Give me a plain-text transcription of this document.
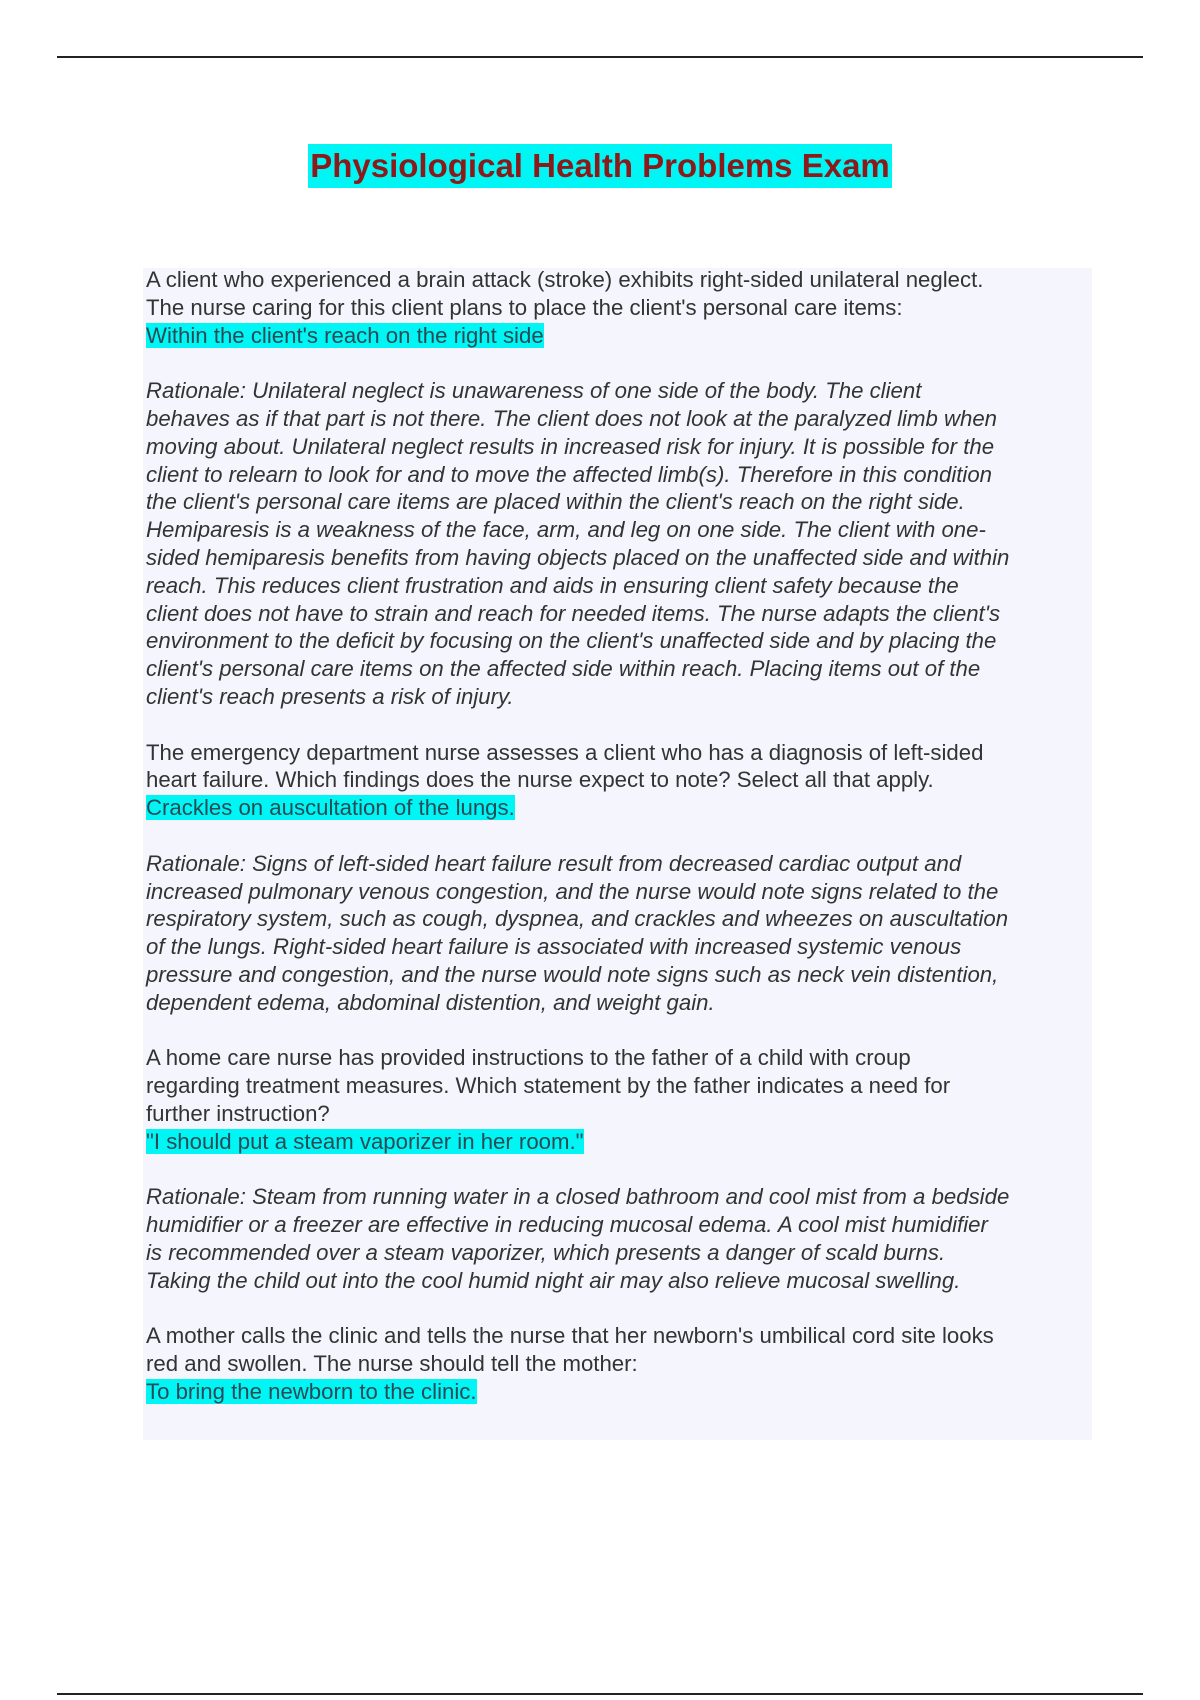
Physiological Health Problems Exam
A client who experienced a brain attack (stroke) exhibits right-sided unilateral neglect.
The nurse caring for this client plans to place the client's personal care items:

Within the client's reach on the right side

Rationale: Unilateral neglect is unawareness of one side of the body. The client
behaves as if that part is not there. The client does not look at the paralyzed limb when
moving about. Unilateral neglect results in increased risk for injury. It is possible for the
client to relearn to look for and to move the affected limb(s). Therefore in this condition
the client's personal care items are placed within the client's reach on the right side.
Hemiparesis is a weakness of the face, arm, and leg on one side. The client with one-
sided hemiparesis benefits from having objects placed on the unaffected side and within
reach. This reduces client frustration and aids in ensuring client safety because the
client does not have to strain and reach for needed items. The nurse adapts the client's
environment to the deficit by focusing on the client's unaffected side and by placing the
client's personal care items on the affected side within reach. Placing items out of the
client's reach presents a risk of injury.

The emergency department nurse assesses a client who has a diagnosis of left-sided
heart failure. Which findings does the nurse expect to note? Select all that apply.

Crackles on auscultation of the lungs.

Rationale: Signs of left-sided heart failure result from decreased cardiac output and
increased pulmonary venous congestion, and the nurse would note signs related to the
respiratory system, such as cough, dyspnea, and crackles and wheezes on auscultation
of the lungs. Right-sided heart failure is associated with increased systemic venous
pressure and congestion, and the nurse would note signs such as neck vein distention,
dependent edema, abdominal distention, and weight gain.

A home care nurse has provided instructions to the father of a child with croup
regarding treatment measures. Which statement by the father indicates a need for
further instruction?

"I should put a steam vaporizer in her room."

Rationale: Steam from running water in a closed bathroom and cool mist from a bedside
humidifier or a freezer are effective in reducing mucosal edema. A cool mist humidifier
is recommended over a steam vaporizer, which presents a danger of scald burns.
Taking the child out into the cool humid night air may also relieve mucosal swelling.

A mother calls the clinic and tells the nurse that her newborn's umbilical cord site looks
red and swollen. The nurse should tell the mother:

To bring the newborn to the clinic.
